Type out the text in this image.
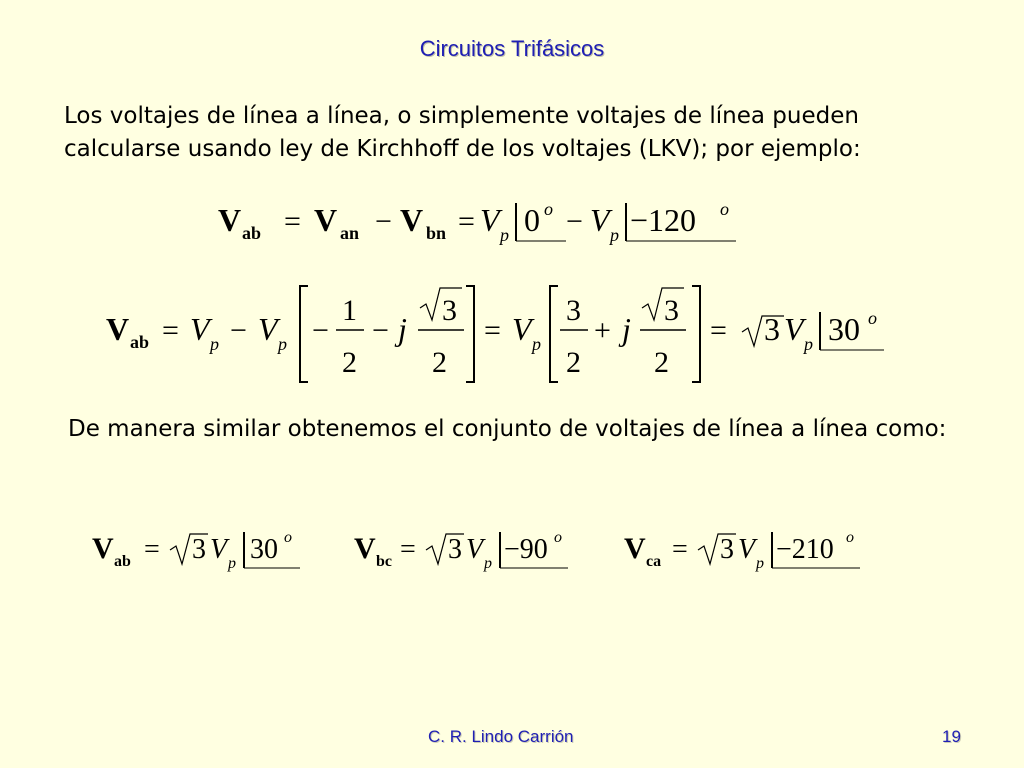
Circuitos Trifásicos
Los voltajes de línea a línea, o simplemente voltajes de línea pueden calcularse usando ley de Kirchhoff de los voltajes (LKV); por ejemplo:
V ab = V an − V bn = V p 0 o − V p −120 o
V ab = V p − V p −
1
2
− j
3
2
= V p
3
2
+ j
3
2
= 3 V p 30 o
De manera similar obtenemos el conjunto de voltajes de línea a línea como:
V ab = 3 V p 30 o V bc = 3 V p −90 o V ca = 3 V p −210 o
C. R. Lindo Carrión	19
